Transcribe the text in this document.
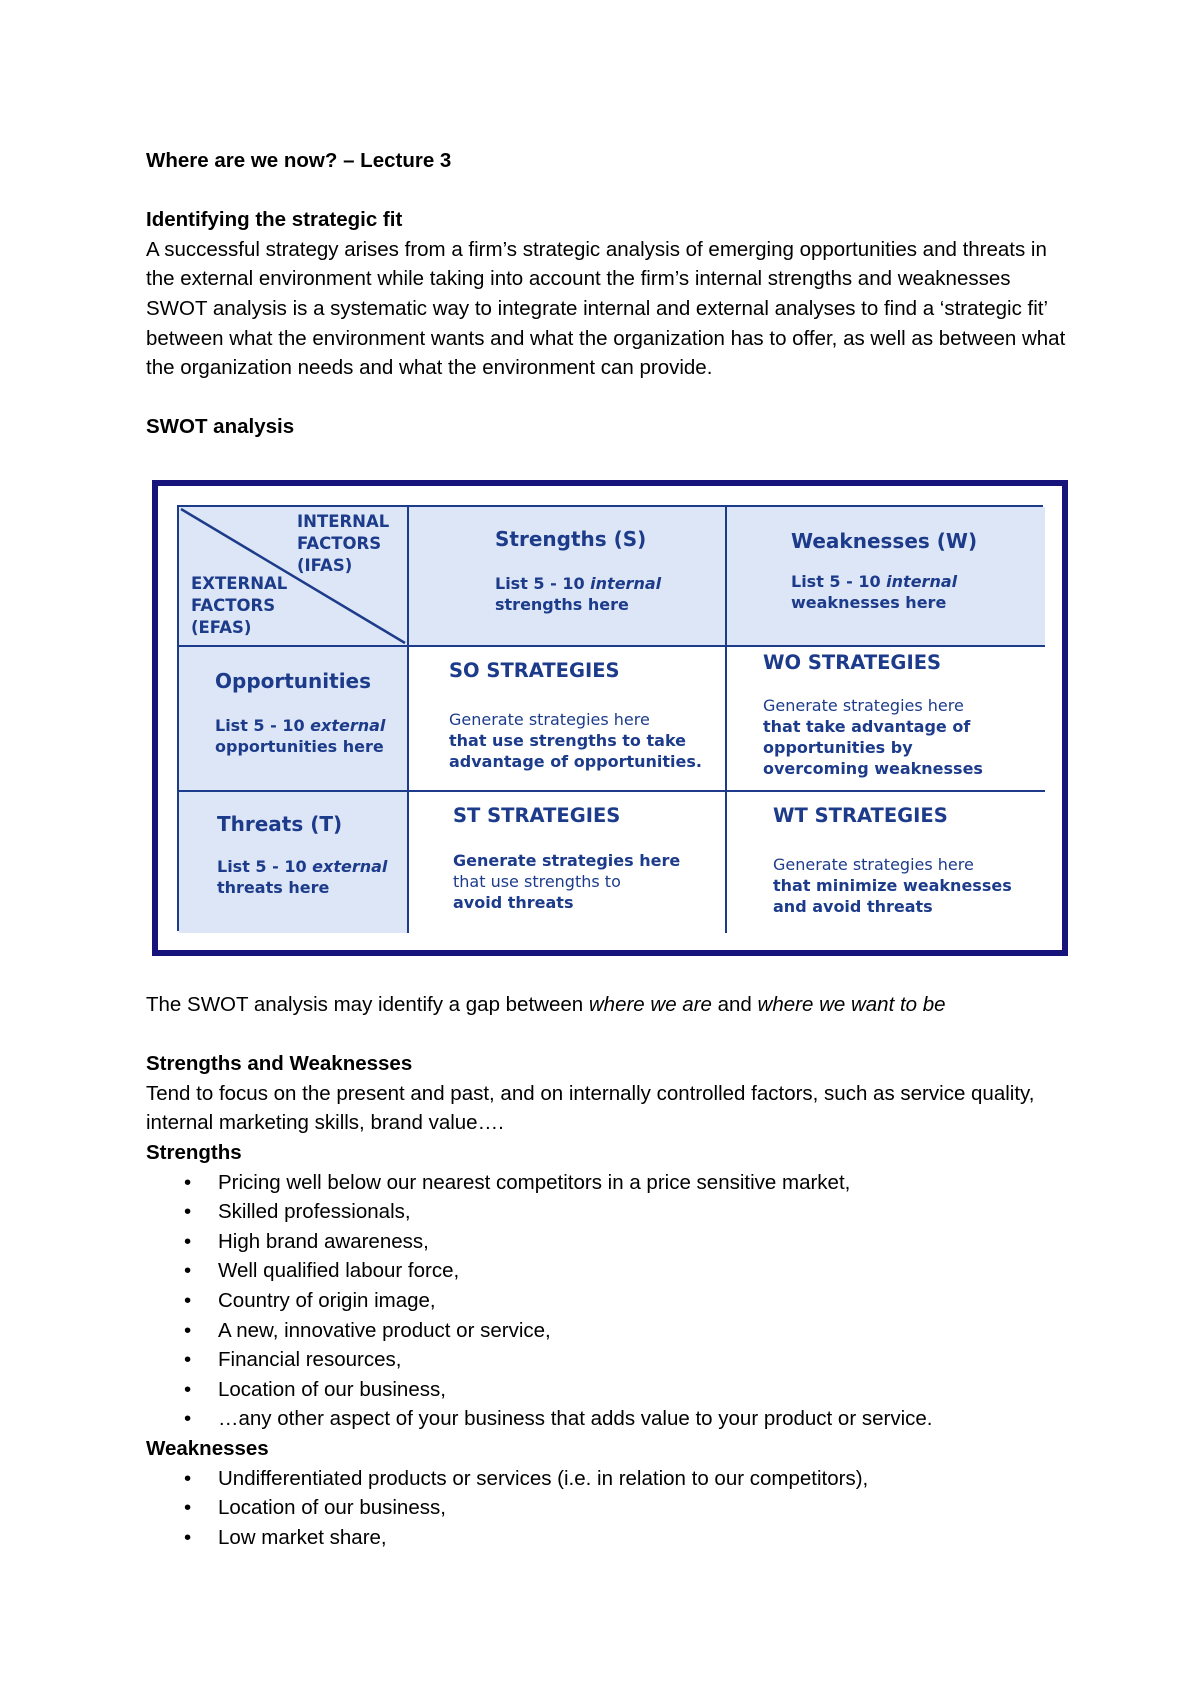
Where are we now? – Lecture 3

Identifying the strategic fit

A successful strategy arises from a firm’s strategic analysis of emerging opportunities and threats in the external environment while taking into account the firm’s internal strengths and weaknesses

SWOT analysis is a systematic way to integrate internal and external analyses to find a ‘strategic fit’ between what the environment wants and what the organization has to offer, as well as between what the organization needs and what the environment can provide.

SWOT analysis

INTERNAL
FACTORS
(IFAS)
EXTERNAL
FACTORS
(EFAS)
Strengths (S)
List 5 - 10 internal
strengths here
Weaknesses (W)
List 5 - 10 internal
weaknesses here
Opportunities
List 5 - 10 external
opportunities here
SO STRATEGIES
Generate strategies here
that use strengths to take
advantage of opportunities.
WO STRATEGIES
Generate strategies here
that take advantage of
opportunities by
overcoming weaknesses
Threats (T)
List 5 - 10 external
threats here
ST STRATEGIES
Generate strategies here
that use strengths to
avoid threats
WT STRATEGIES
Generate strategies here
that minimize weaknesses
and avoid threats

The SWOT analysis may identify a gap between where we are and where we want to be

Strengths and Weaknesses

Tend to focus on the present and past, and on internally controlled factors, such as service quality, internal marketing skills, brand value….

Strengths

• Pricing well below our nearest competitors in a price sensitive market,
• Skilled professionals,
• High brand awareness,
• Well qualified labour force,
• Country of origin image,
• A new, innovative product or service,
• Financial resources,
• Location of our business,
• …any other aspect of your business that adds value to your product or service.

Weaknesses

• Undifferentiated products or services (i.e. in relation to our competitors),
• Location of our business,
• Low market share,
